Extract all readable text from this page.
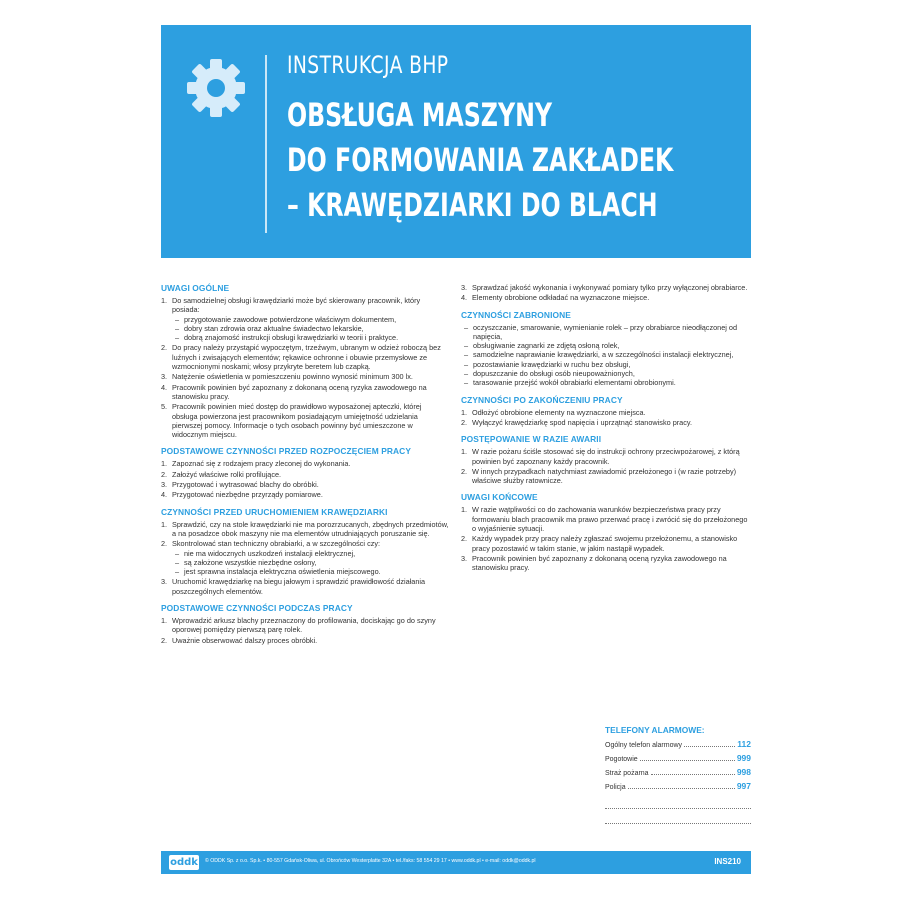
INSTRUKCJA BHP
OBSŁUGA MASZYNY
DO FORMOWANIA ZAKŁADEK
– KRAWĘDZIARKI DO BLACH
UWAGI OGÓLNE
1. Do samodzielnej obsługi krawędziarki może być skierowany pracownik, który posiada:
– przygotowanie zawodowe potwierdzone właściwym dokumentem,
– dobry stan zdrowia oraz aktualne świadectwo lekarskie,
– dobrą znajomość instrukcji obsługi krawędziarki w teorii i praktyce.
2. Do pracy należy przystąpić wypoczętym, trzeźwym, ubranym w odzież roboczą bez luźnych i zwisających elementów; rękawice ochronne i obuwie przemysłowe ze wzmocnionymi noskami; włosy przykryte beretem lub czapką.
3. Natężenie oświetlenia w pomieszczeniu powinno wynosić minimum 300 lx.
4. Pracownik powinien być zapoznany z dokonaną oceną ryzyka zawodowego na stanowisku pracy.
5. Pracownik powinien mieć dostęp do prawidłowo wyposażonej apteczki, której obsługa powierzona jest pracownikom posiadającym umiejętność udzielania pierwszej pomocy. Informacje o tych osobach powinny być umieszczone w widocznym miejscu.
PODSTAWOWE CZYNNOŚCI PRZED ROZPOCZĘCIEM PRACY
1. Zapoznać się z rodzajem pracy zleconej do wykonania.
2. Założyć właściwe rolki profilujące.
3. Przygotować i wytrasować blachy do obróbki.
4. Przygotować niezbędne przyrządy pomiarowe.
CZYNNOŚCI PRZED URUCHOMIENIEM KRAWĘDZIARKI
1. Sprawdzić, czy na stole krawędziarki nie ma porozrzucanych, zbędnych przedmiotów, a na posadzce obok maszyny nie ma elementów utrudniających poruszanie się.
2. Skontrolować stan techniczny obrabiarki, a w szczególności czy:
– nie ma widocznych uszkodzeń instalacji elektrycznej,
– są założone wszystkie niezbędne osłony,
– jest sprawna instalacja elektryczna oświetlenia miejscowego.
3. Uruchomić krawędziarkę na biegu jałowym i sprawdzić prawidłowość działania poszczególnych elementów.
PODSTAWOWE CZYNNOŚCI PODCZAS PRACY
1. Wprowadzić arkusz blachy przeznaczony do profilowania, dociskając go do szyny oporowej pomiędzy pierwszą parę rolek.
2. Uważnie obserwować dalszy proces obróbki.
3. Sprawdzać jakość wykonania i wykonywać pomiary tylko przy wyłączonej obrabiarce.
4. Elementy obrobione odkładać na wyznaczone miejsce.
CZYNNOŚCI ZABRONIONE
– oczyszczanie, smarowanie, wymienianie rolek – przy obrabiarce nieodłączonej od napięcia,
– obsługiwanie zagnarki ze zdjętą osłoną rolek,
– samodzielne naprawianie krawędziarki, a w szczególności instalacji elektrycznej,
– pozostawianie krawędziarki w ruchu bez obsługi,
– dopuszczanie do obsługi osób nieupoważnionych,
– tarasowanie przejść wokół obrabiarki elementami obrobionymi.
CZYNNOŚCI PO ZAKOŃCZENIU PRACY
1. Odłożyć obrobione elementy na wyznaczone miejsca.
2. Wyłączyć krawędziarkę spod napięcia i uprzątnąć stanowisko pracy.
POSTĘPOWANIE W RAZIE AWARII
1. W razie pożaru ściśle stosować się do instrukcji ochrony przeciwpożarowej, z którą powinien być zapoznany każdy pracownik.
2. W innych przypadkach natychmiast zawiadomić przełożonego i (w razie potrzeby) właściwe służby ratownicze.
UWAGI KOŃCOWE
1. W razie wątpliwości co do zachowania warunków bezpieczeństwa pracy przy formowaniu blach pracownik ma prawo przerwać pracę i zwrócić się do przełożonego o wyjaśnienie sytuacji.
2. Każdy wypadek przy pracy należy zgłaszać swojemu przełożonemu, a stanowisko pracy pozostawić w takim stanie, w jakim nastąpił wypadek.
3. Pracownik powinien być zapoznany z dokonaną oceną ryzyka zawodowego na stanowisku pracy.
TELEFONY ALARMOWE:
Ogólny telefon alarmowy	112
Pogotowie	999
Straż pożarna	998
Policja	997
oddk © ODDK Sp. z o.o. Sp.k. • 80-557 Gdańsk-Oliwa, ul. Obrońców Westerplatte 32A • tel./faks: 58 554 29 17 • www.oddk.pl • e-mail: oddk@oddk.pl	INS210
